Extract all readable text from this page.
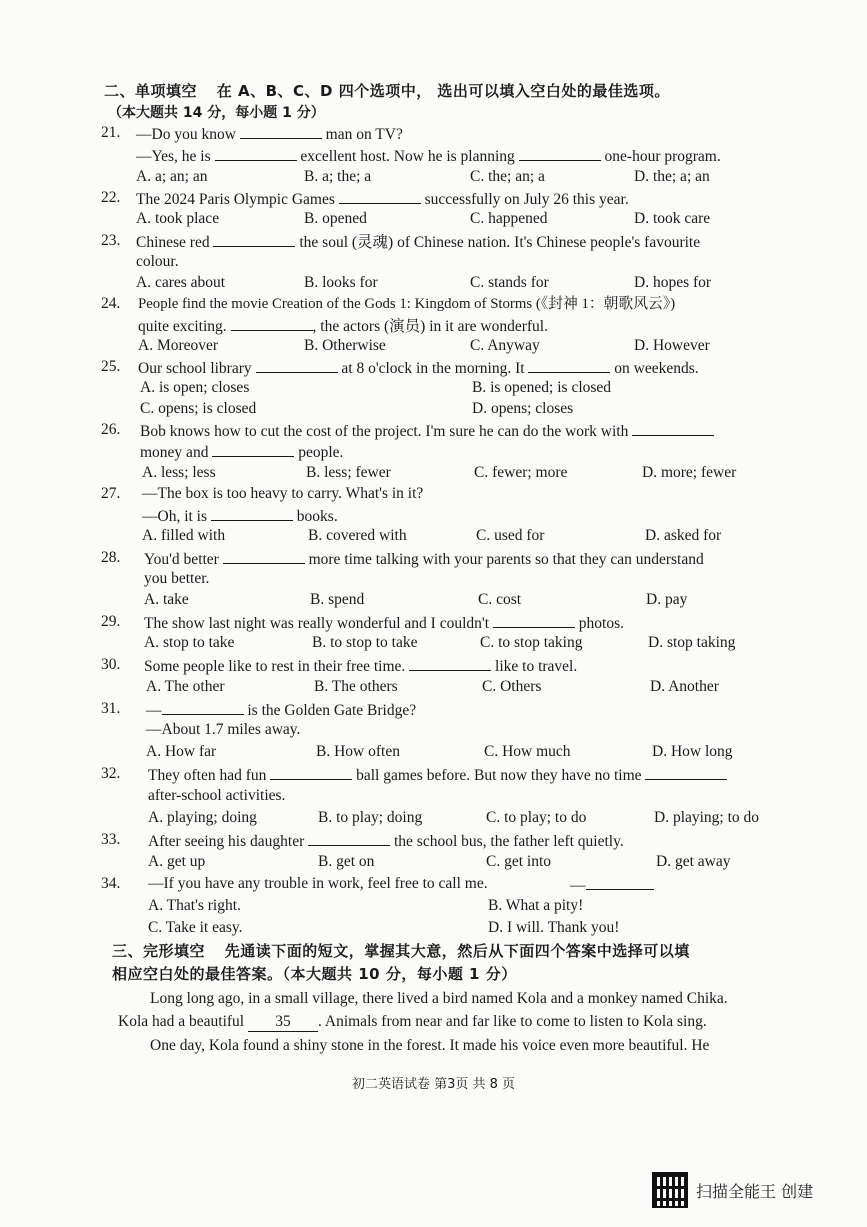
二、单项填空 在 A、B、C、D 四个选项中， 选出可以填入空白处的最佳选项。
（本大题共 14 分，每小题 1 分）
21. —Do you know	man on TV?
—Yes, he is	excellent host. Now he is planning	one-hour program.
A. a; an; an	B. a; the; a	C. the; an; a	D. the; a; an
22. The 2024 Paris Olympic Games	successfully on July 26 this year.
A. took place	B. opened	C. happened	D. took care
23. Chinese red	the soul (灵魂) of Chinese nation. It's Chinese people's favourite
colour.
A. cares about	B. looks for	C. stands for	D. hopes for
24. People find the movie Creation of the Gods 1: Kingdom of Storms (《封神 1：朝歌风云》)
quite exciting.	, the actors (演员) in it are wonderful.
A. Moreover	B. Otherwise	C. Anyway	D. However
25. Our school library	at 8 o'clock in the morning. It	on weekends.
A. is open; closes	B. is opened; is closed
C. opens; is closed	D. opens; closes
26. Bob knows how to cut the cost of the project. I'm sure he can do the work with
money and	people.
A. less; less	B. less; fewer	C. fewer; more	D. more; fewer
27. —The box is too heavy to carry. What's in it?
—Oh, it is	books.
A. filled with	B. covered with	C. used for	D. asked for
28. You'd better	more time talking with your parents so that they can understand
you better.
A. take	B. spend	C. cost	D. pay
29. The show last night was really wonderful and I couldn't	photos.
A. stop to take	B. to stop to take	C. to stop taking	D. stop taking
30. Some people like to rest in their free time.	like to travel.
A. The other	B. The others	C. Others	D. Another
31. —	is the Golden Gate Bridge?
—About 1.7 miles away.
A. How far	B. How often	C. How much	D. How long
32. They often had fun	ball games before. But now they have no time
after-school activities.
A. playing; doing	B. to play; doing	C. to play; to do	D. playing; to do
33. After seeing his daughter	the school bus, the father left quietly.
A. get up	B. get on	C. get into	D. get away
34. —If you have any trouble in work, feel free to call me.	—
A. That's right.	B. What a pity!
C. Take it easy.	D. I will. Thank you!
三、完形填空 先通读下面的短文，掌握其大意，然后从下面四个答案中选择可以填
相应空白处的最佳答案。（本大题共 10 分，每小题 1 分）
Long long ago, in a small village, there lived a bird named Kola and a monkey named Chika.
Kola had a beautiful 35 . Animals from near and far like to come to listen to Kola sing.
One day, Kola found a shiny stone in the forest. It made his voice even more beautiful. He
初二英语试卷 第3页 共 8 页
扫描全能王 创建
